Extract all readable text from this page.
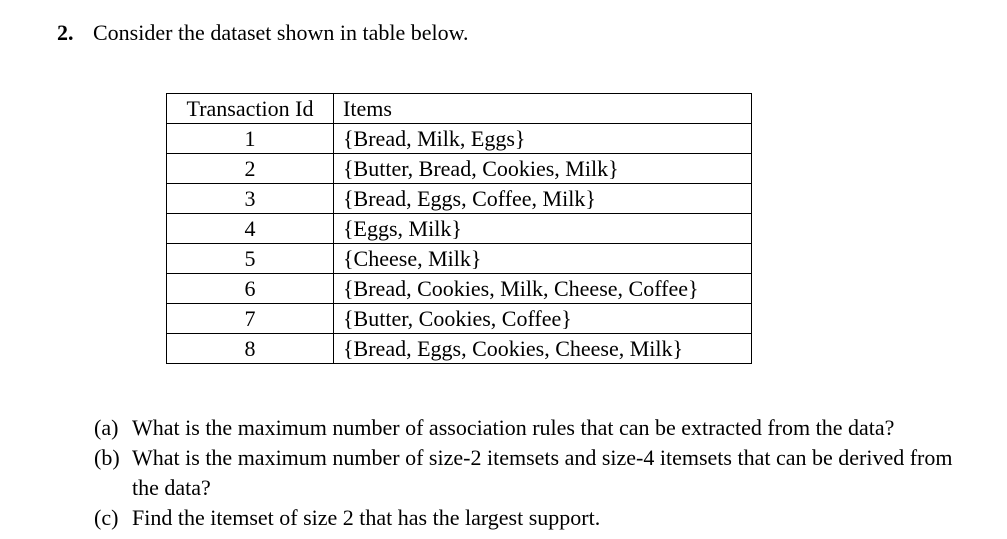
2. Consider the dataset shown in table below.
Transaction Id	Items
1	{Bread, Milk, Eggs}
2	{Butter, Bread, Cookies, Milk}
3	{Bread, Eggs, Coffee, Milk}
4	{Eggs, Milk}
5	{Cheese, Milk}
6	{Bread, Cookies, Milk, Cheese, Coffee}
7	{Butter, Cookies, Coffee}
8	{Bread, Eggs, Cookies, Cheese, Milk}
(a) What is the maximum number of association rules that can be extracted from the data?
(b) What is the maximum number of size-2 itemsets and size-4 itemsets that can be derived from the data?
(c) Find the itemset of size 2 that has the largest support.
